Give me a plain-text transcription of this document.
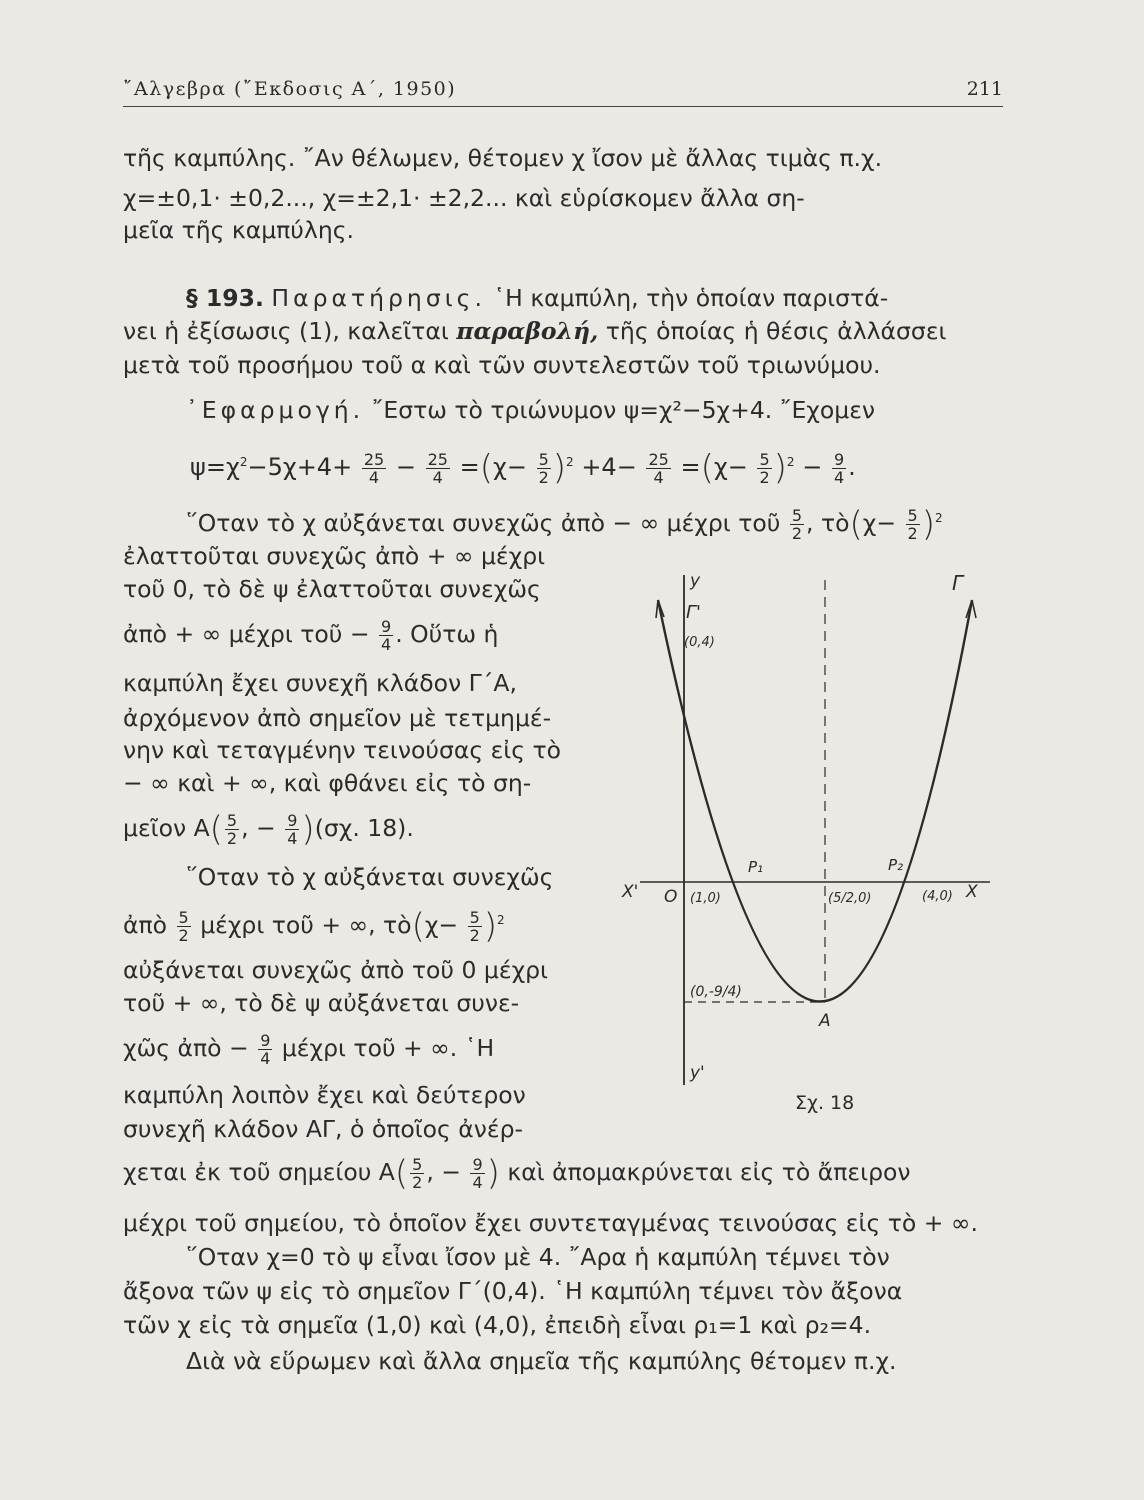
῎Αλγεβρα (῎Εκδοσις Α΄, 1950)	211
τῆς καμπύλης. ῎Αν θέλωμεν, θέτομεν χ ἴσον μὲ ἄλλας τιμὰς π.χ.
χ=±0,1· ±0,2..., χ=±2,1· ±2,2... καὶ εὑρίσκομεν ἄλλα ση-
μεῖα τῆς καμπύλης.
§ 193. Παρατήρησις. ῾Η καμπύλη, τὴν ὁποίαν παριστά-
νει ἡ ἐξίσωσις (1), καλεῖται παραβολή, τῆς ὁποίας ἡ θέσις ἀλλάσσει
μετὰ τοῦ προσήμου τοῦ α καὶ τῶν συντελεστῶν τοῦ τριωνύμου.
᾿Εφαρμογή. ῎Εστω τὸ τριώνυμον ψ=χ²−5χ+4. ῎Εχομεν
$\psi=\chi^2-5\chi+4+ \frac{25}{4} - \frac{25}{4} =(\chi- \frac{5}{2} )^2 +4- \frac{25}{4} =(\chi- \frac{5}{2} )^2 - \frac{9}{4}$ .
῞Οταν τὸ χ αὐξάνεται συνεχῶς ἀπὸ − ∞ μέχρι τοῦ $\frac{5}{2}$ , τὸ(χ− $\frac{5}{2} )^2$
ἐλαττοῦται συνεχῶς ἀπὸ + ∞ μέχρι
τοῦ 0, τὸ δὲ ψ ἐλαττοῦται συνεχῶς
ἀπὸ + ∞ μέχρι τοῦ − $\frac{9}{4}$ . Οὕτω ἡ
καμπύλη ἔχει συνεχῆ κλάδον Γ΄Α,
ἀρχόμενον ἀπὸ σημεῖον μὲ τετμημέ-
νην καὶ τεταγμένην τεινούσας εἰς τὸ
− ∞ καὶ + ∞, καὶ φθάνει εἰς τὸ ση-
μεῖον $A( \frac{5}{2}$ , − $\frac{9}{4} )(\sigma\chi$. 18).
῞Οταν τὸ χ αὐξάνεται συνεχῶς
ἀπὸ $\frac{5}{2}$ μέχρι τοῦ + ∞, τὸ(χ− $\frac{5}{2} )^2$
αὐξάνεται συνεχῶς ἀπὸ τοῦ 0 μέχρι
τοῦ + ∞, τὸ δὲ ψ αὐξάνεται συνε-
χῶς ἀπὸ − $\frac{9}{4}$ μέχρι τοῦ + ∞. ῾Η
καμπύλη λοιπὸν ἔχει καὶ δεύτερον
συνεχῆ κλάδον ΑΓ, ὁ ὁποῖος ἀνέρ-
χεται ἐκ τοῦ σημείου $A( \frac{5}{2}$ , − $\frac{9}{4}$ ) καὶ ἀπομακρύνεται εἰς τὸ ἄπειρον
μέχρι τοῦ σημείου, τὸ ὁποῖον ἔχει συντεταγμένας τεινούσας εἰς τὸ + ∞.
῞Οταν χ=0 τὸ ψ εἶναι ἴσον μὲ 4. ῎Αρα ἡ καμπύλη τέμνει τὸν
ἄξονα τῶν ψ εἰς τὸ σημεῖον Γ΄(0,4). ῾Η καμπύλη τέμνει τὸν ἄξονα
τῶν χ εἰς τὰ σημεῖα (1,0) καὶ (4,0), ἐπειδὴ εἶναι ρ₁=1 καὶ ρ₂=4.
Διὰ νὰ εὕρωμεν καὶ ἄλλα σημεῖα τῆς καμπύλης θέτομεν π.χ.
y
y'
X
X' O
Γ
Γ'
(0,4)
(1,0)	(5/2,0)	(4,0)
(0,-9/4)
A
P₁	P₂
Σχ. 18
